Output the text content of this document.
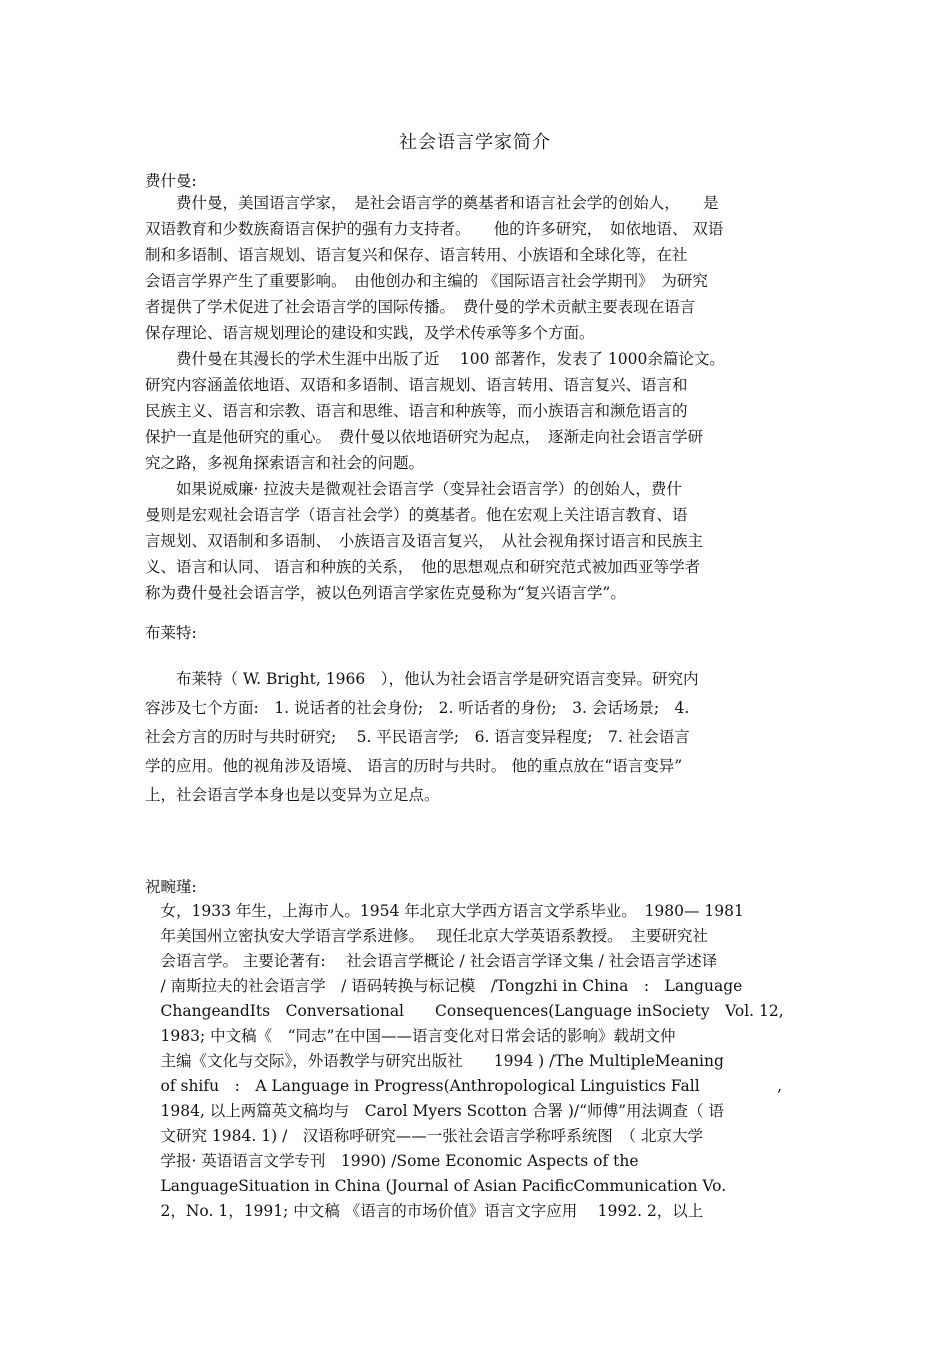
社会语言学家简介
费什曼:
　　费什曼，美国语言学家，　是社会语言学的奠基者和语言社会学的创始人，　　是
双语教育和少数族裔语言保护的强有力支持者。　　他的许多研究，　如依地语、 双语
制和多语制、语言规划、语言复兴和保存、语言转用、小族语和全球化等，在社
会语言学界产生了重要影响。　由他创办和主编的 《国际语言社会学期刊》　为研究
者提供了学术促进了社会语言学的国际传播。　费什曼的学术贡献主要表现在语言
保存理论、语言规划理论的建设和实践，及学术传承等多个方面。
　　费什曼在其漫长的学术生涯中出版了近　 100 部著作，发表了 1000余篇论文。
研究内容涵盖依地语、双语和多语制、语言规划、语言转用、语言复兴、语言和
民族主义、语言和宗教、语言和思维、语言和种族等，而小族语言和濒危语言的
保护一直是他研究的重心。　费什曼以依地语研究为起点，　逐渐走向社会语言学研
究之路，多视角探索语言和社会的问题。
　　如果说威廉· 拉波夫是微观社会语言学（变异社会语言学）的创始人，费什
曼则是宏观社会语言学（语言社会学）的奠基者。他在宏观上关注语言教育、语
言规划、双语制和多语制、　小族语言及语言复兴，　从社会视角探讨语言和民族主
义、语言和认同、 语言和种族的关系，　他的思想观点和研究范式被加西亚等学者
称为费什曼社会语言学，被以色列语言学家佐克曼称为“复兴语言学”。
布莱特:
　　布莱特（ W. Bright, 1966　），他认为社会语言学是研究语言变异。研究内
容涉及七个方面:　1. 说话者的社会身份;　2. 听话者的身份;　3. 会话场景;　4.
社会方言的历时与共时研究;　 5. 平民语言学;　6. 语言变异程度;　7. 社会语言
学的应用。他的视角涉及语境、 语言的历时与共时。 他的重点放在“语言变异”
上，社会语言学本身也是以变异为立足点。
祝畹瑾:
　女，1933 年生，上海市人。1954 年北京大学西方语言文学系毕业。　1980— 1981
　年美国州立密执安大学语言学系进修。　 现任北京大学英语系教授。　主要研究社
　会语言学。 主要论著有: 　社会语言学概论 / 社会语言学译文集 / 社会语言学述译
　/ 南斯拉夫的社会语言学　/ 语码转换与标记模　/Tongzhi in China　:　Language
　ChangeandIts　Conversational　　Consequences(Language inSociety　Vol. 12,
　1983; 中文稿《　“同志”在中国——语言变化对日常会话的影响》载胡文仲
　主编《文化与交际》，外语教学与研究出版社　　1994 ) /The MultipleMeaning
　of shifu　:　A Language in Progress(Anthropological Linguistics Fall　　　　　,
　1984, 以上两篇英文稿均与　Carol Myers Scotton 合署 )/“师傅”用法调查（ 语
　文研究 1984. 1) /　汉语称呼研究——一张社会语言学称呼系统图　（ 北京大学
　学报· 英语语言文学专刊　1990) /Some Economic Aspects of the
　LanguageSituation in China (Journal of Asian PacificCommunication Vo.
　2，No. 1，1991; 中文稿 《语言的市场价值》语言文字应用　 1992. 2，以上
